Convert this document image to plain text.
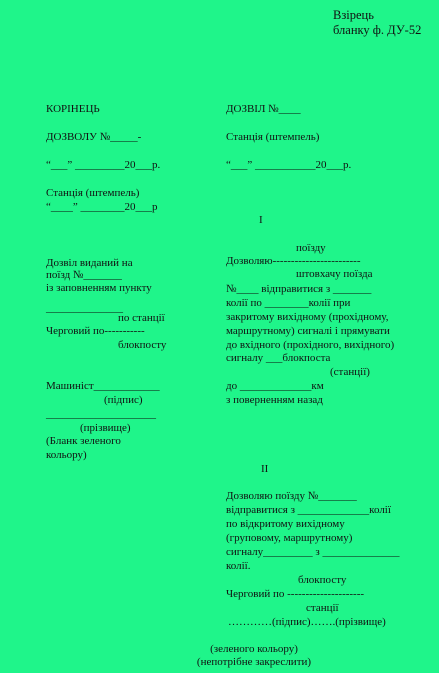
Взірець
бланку ф. ДУ-52
КОРІНЕЦЬ
ДОЗВОЛУ №_____-
“___” _________20___р.
Станція (штемпель)
“____” ________20___р
Дозвіл виданий на
поїзд №_______
із заповненням пункту
______________
по станції
Черговий по-----------
блокпосту
Машиніст____________
(підпис)
____________________
(прізвище)
(Бланк зеленого
кольору)
ДОЗВІЛ №____
Станція (штемпель)
“___” ___________20___р.
I
поїзду
Дозволяю------------------------
штовхачу поїзда
№____ відправитися з _______
колії по ________колії при
закритому вихідному (прохідному,
маршрутному) сигналі і прямувати
до вхідного (прохідного, вихідного)
сигналу ___блокпоста
(станції)
до _____________км
з поверненням назад
II
Дозволяю поїзду №_______
відправитися з _____________колії
по відкритому вихідному
(груповому, маршрутному)
сигналу_________ з ______________
колії.
блокпосту
Черговий по ---------------------
станції
…………(підпис)…….(прізвище)
(зеленого кольору)
(непотрібне закреслити)
